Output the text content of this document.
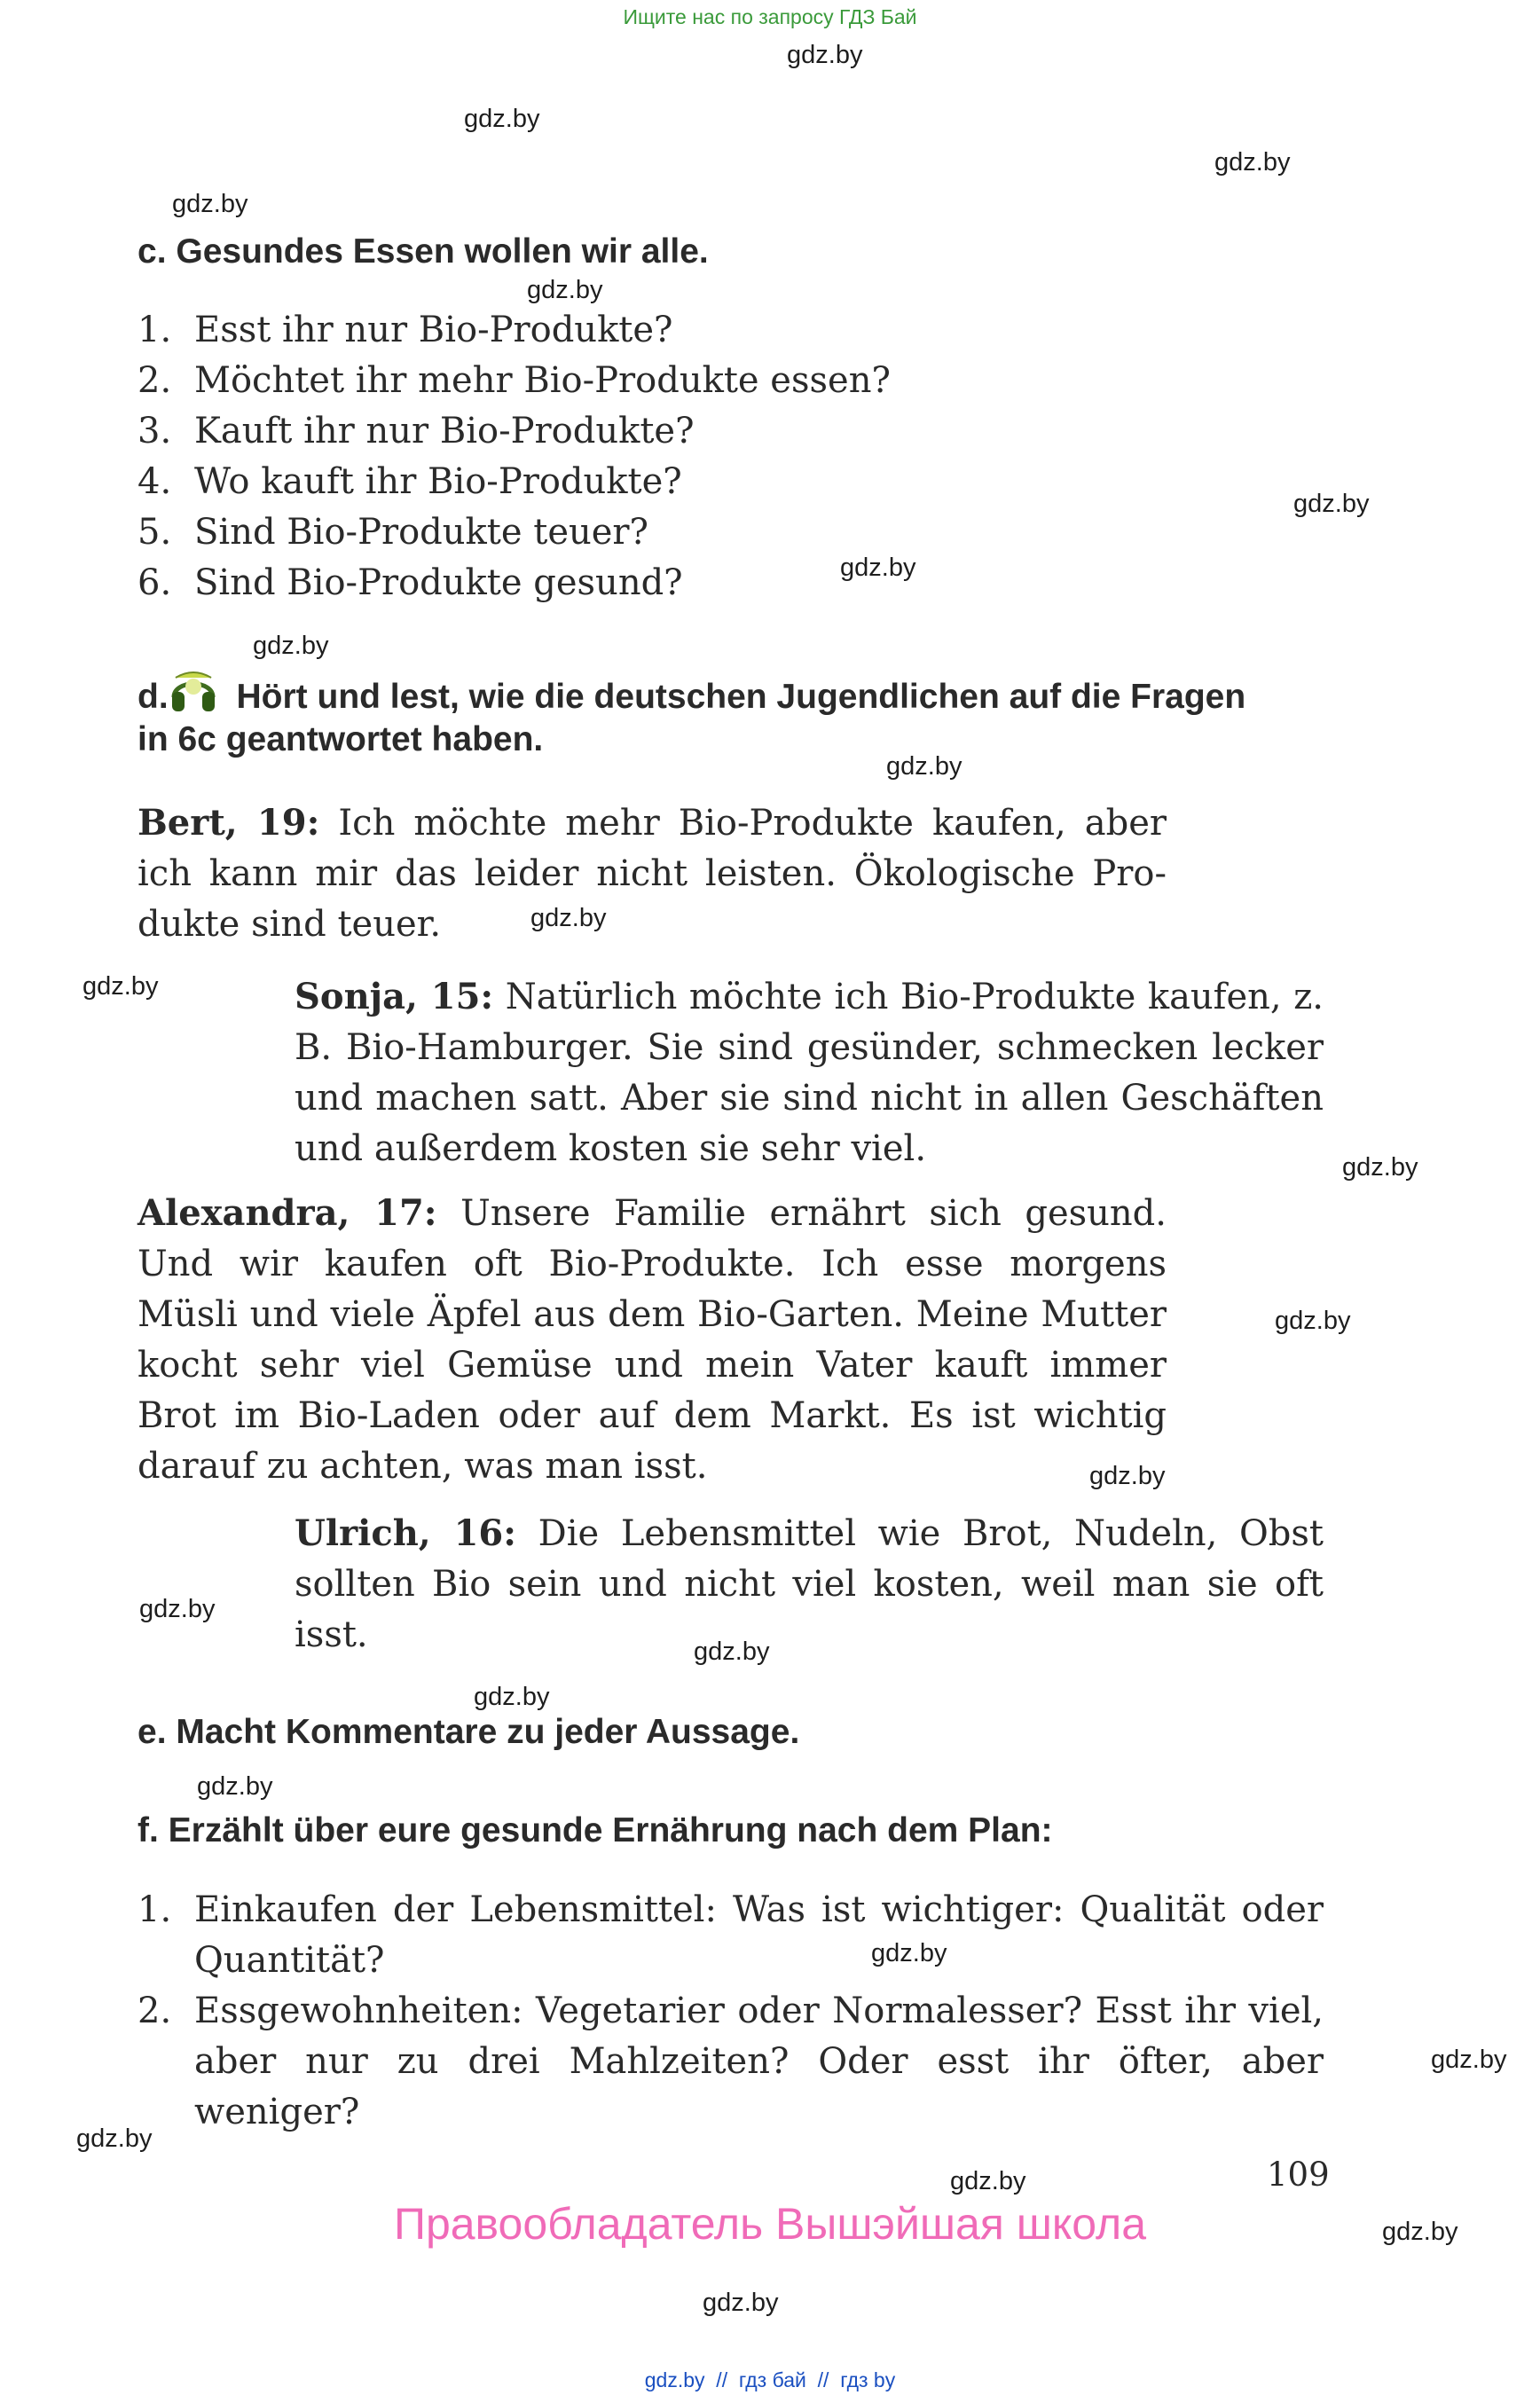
Ищите нас по запросу ГДЗ Бай
gdz.by
gdz.by
gdz.by
gdz.by
gdz.by
gdz.by
gdz.by
gdz.by
gdz.by
gdz.by
gdz.by
gdz.by
gdz.by
gdz.by
gdz.by
gdz.by
gdz.by
gdz.by
gdz.by
gdz.by
gdz.by
gdz.by
gdz.by
gdz.by
c. Gesundes Essen wollen wir alle.
1. Esst ihr nur Bio-Produkte?
2. Möchtet ihr mehr Bio-Produkte essen?
3. Kauft ihr nur Bio-Produkte?
4. Wo kauft ihr Bio-Produkte?
5. Sind Bio-Produkte teuer?
6. Sind Bio-Produkte gesund?
d. Hört und lest, wie die deutschen Jugendlichen auf die Fragen
in 6c geantwortet haben.
Bert, 19: Ich möchte mehr Bio-Produkte kaufen, aber ich kann mir das leider nicht leisten. Ökologische Produkte sind teuer.
Sonja, 15: Natürlich möchte ich Bio-Produkte kaufen, z. B. Bio-Hamburger. Sie sind gesünder, schmecken lecker und machen satt. Aber sie sind nicht in allen Geschäften und außerdem kosten sie sehr viel.
Alexandra, 17: Unsere Familie ernährt sich gesund. Und wir kaufen oft Bio-Produkte. Ich esse morgens Müsli und viele Äpfel aus dem Bio-Garten. Meine Mutter kocht sehr viel Gemüse und mein Vater kauft immer Brot im Bio-Laden oder auf dem Markt. Es ist wichtig darauf zu achten, was man isst.
Ulrich, 16: Die Lebensmittel wie Brot, Nudeln, Obst sollten Bio sein und nicht viel kosten, weil man sie oft isst.
e. Macht Kommentare zu jeder Aussage.
f. Erzählt über eure gesunde Ernährung nach dem Plan:
1. Einkaufen der Lebensmittel: Was ist wichtiger: Qualität oder Quantität?
2. Essgewohnheiten: Vegetarier oder Normalesser? Esst ihr viel, aber nur zu drei Mahlzeiten? Oder esst ihr öfter, aber weniger?
109
Правообладатель Вышэйшая школа
gdz.by  //  гдз бай  //  гдз by
